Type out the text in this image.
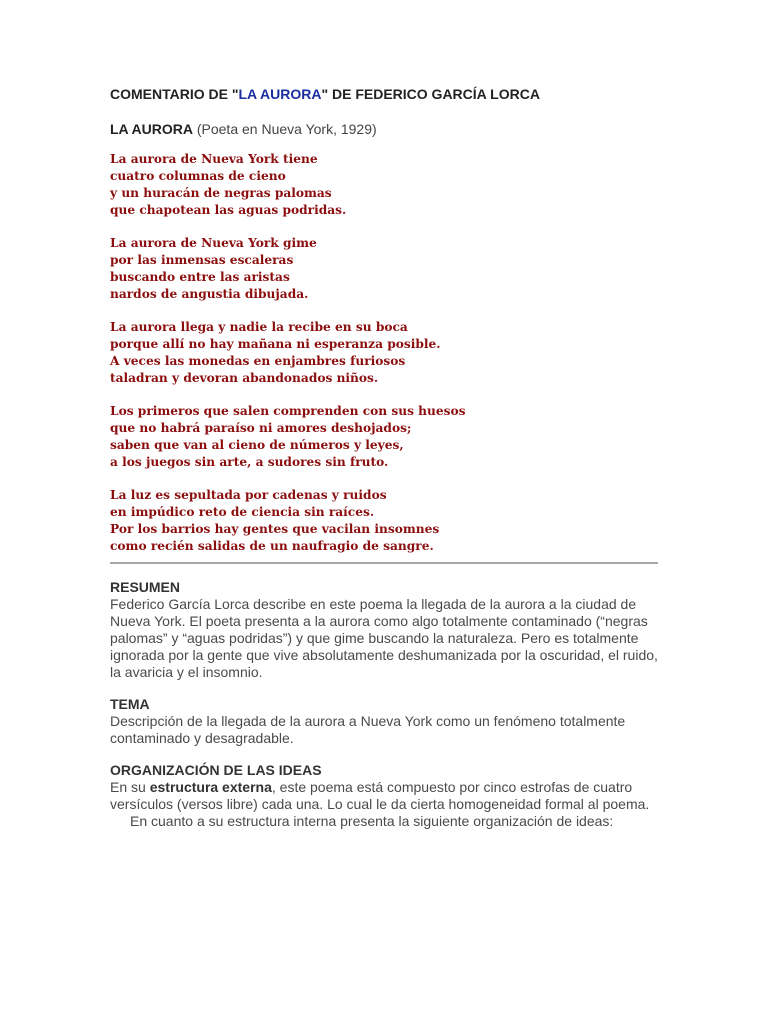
COMENTARIO DE "LA AURORA" DE FEDERICO GARCÍA LORCA
LA AURORA (Poeta en Nueva York, 1929)

La aurora de Nueva York tiene
cuatro columnas de cieno
y un huracán de negras palomas
que chapotean las aguas podridas.

La aurora de Nueva York gime
por las inmensas escaleras
buscando entre las aristas
nardos de angustia dibujada.

La aurora llega y nadie la recibe en su boca
porque allí no hay mañana ni esperanza posible.
A veces las monedas en enjambres furiosos
taladran y devoran abandonados niños.

Los primeros que salen comprenden con sus huesos
que no habrá paraíso ni amores deshojados;
saben que van al cieno de números y leyes,
a los juegos sin arte, a sudores sin fruto.

La luz es sepultada por cadenas y ruidos
en impúdico reto de ciencia sin raíces.
Por los barrios hay gentes que vacilan insomnes
como recién salidas de un naufragio de sangre.

RESUMEN

Federico García Lorca describe en este poema la llegada de la aurora a la ciudad de Nueva York. El poeta presenta a la aurora como algo totalmente contaminado (“negras palomas” y “aguas podridas”) y que gime buscando la naturaleza. Pero es totalmente ignorada por la gente que vive absolutamente deshumanizada por la oscuridad, el ruido, la avaricia y el insomnio.

TEMA

Descripción de la llegada de la aurora a Nueva York como un fenómeno totalmente contaminado y desagradable.

ORGANIZACIÓN DE LAS IDEAS

En su estructura externa, este poema está compuesto por cinco estrofas de cuatro versículos (versos libre) cada una. Lo cual le da cierta homogeneidad formal al poema.

En cuanto a su estructura interna presenta la siguiente organización de ideas:
